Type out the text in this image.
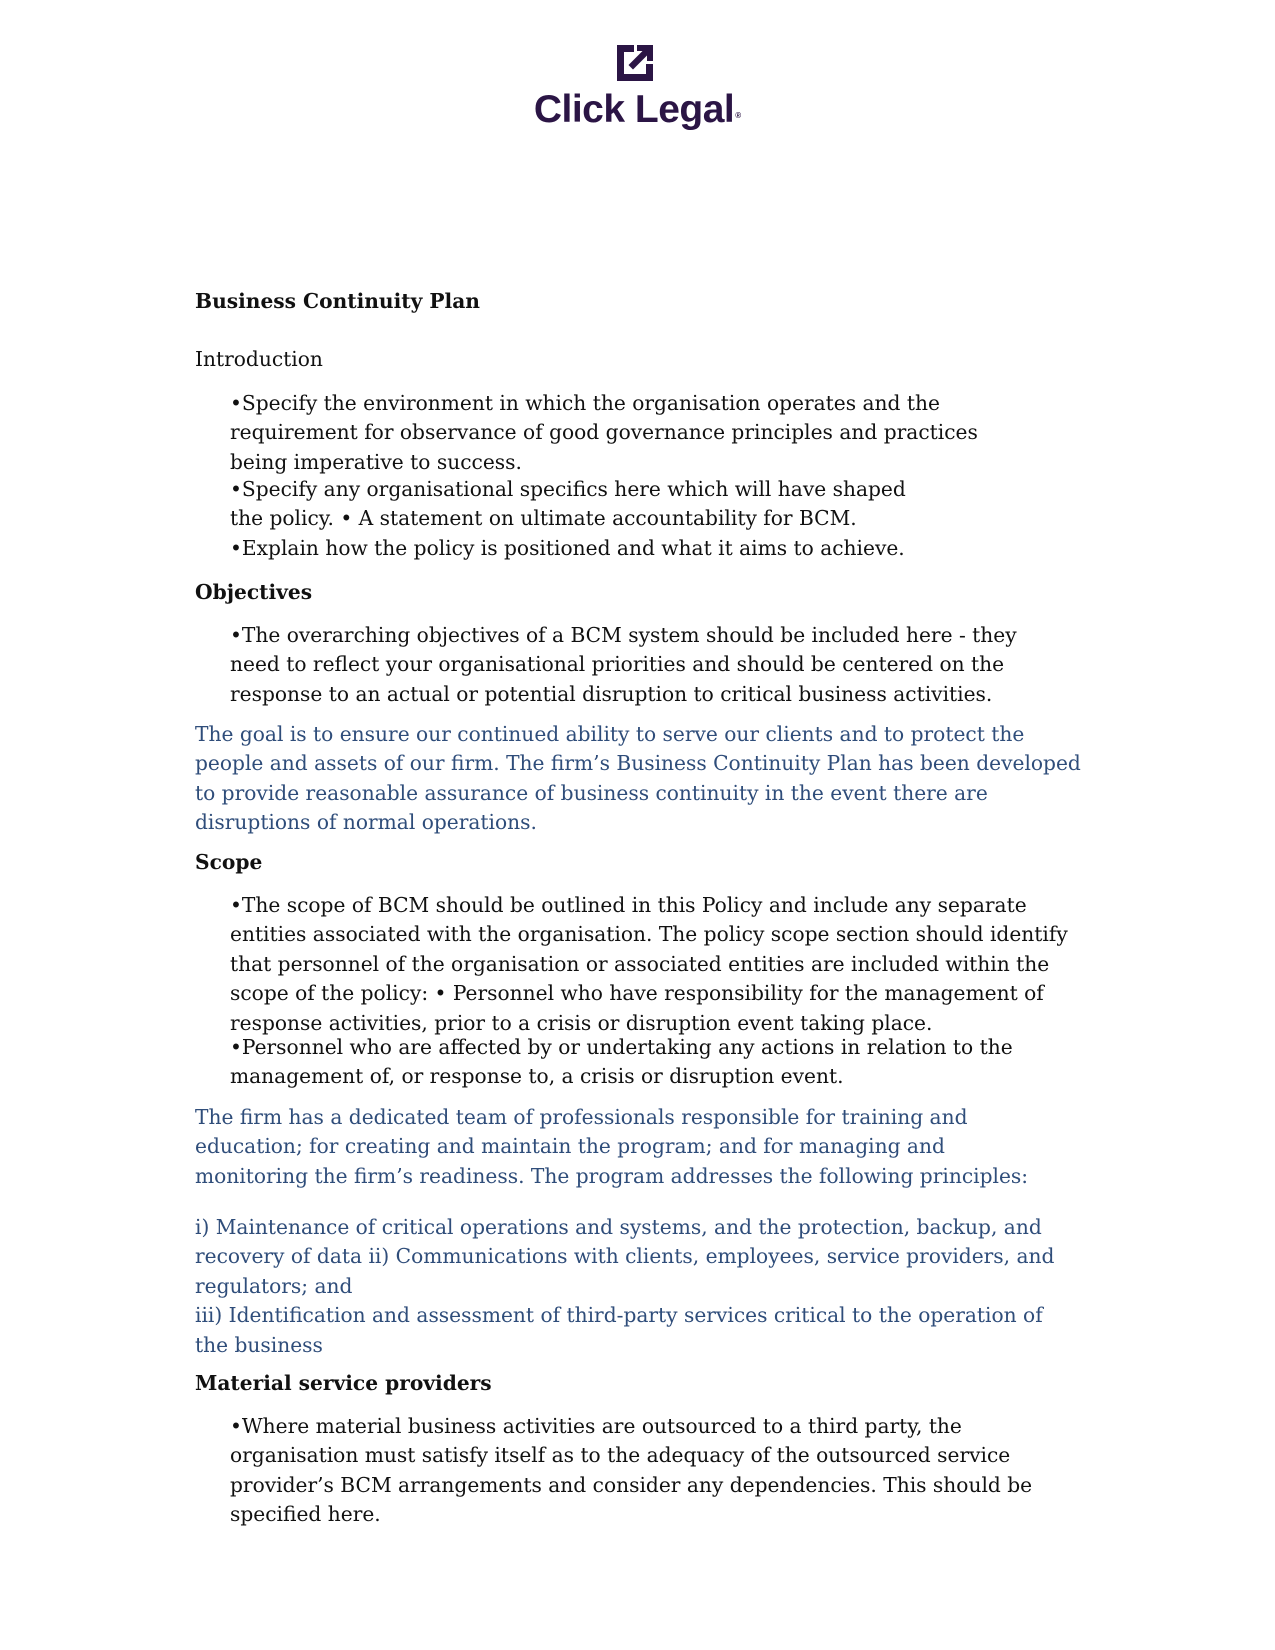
Click Legal®

Business Continuity Plan

Introduction

•Specify the environment in which the organisation operates and the
requirement for observance of good governance principles and practices
being imperative to success.
•Specify any organisational specifics here which will have shaped
the policy. • A statement on ultimate accountability for BCM.
•Explain how the policy is positioned and what it aims to achieve.

Objectives

•The overarching objectives of a BCM system should be included here - they
need to reflect your organisational priorities and should be centered on the
response to an actual or potential disruption to critical business activities.
The goal is to ensure our continued ability to serve our clients and to protect the
people and assets of our firm. The firm’s Business Continuity Plan has been developed
to provide reasonable assurance of business continuity in the event there are
disruptions of normal operations.

Scope

•The scope of BCM should be outlined in this Policy and include any separate
entities associated with the organisation. The policy scope section should identify
that personnel of the organisation or associated entities are included within the
scope of the policy: • Personnel who have responsibility for the management of
response activities, prior to a crisis or disruption event taking place.
•Personnel who are affected by or undertaking any actions in relation to the
management of, or response to, a crisis or disruption event.
The firm has a dedicated team of professionals responsible for training and
education; for creating and maintain the program; and for managing and
monitoring the firm’s readiness. The program addresses the following principles:
i) Maintenance of critical operations and systems, and the protection, backup, and
recovery of data ii) Communications with clients, employees, service providers, and
regulators; and
iii) Identification and assessment of third-party services critical to the operation of
the business

Material service providers

•Where material business activities are outsourced to a third party, the
organisation must satisfy itself as to the adequacy of the outsourced service
provider’s BCM arrangements and consider any dependencies. This should be
specified here.
